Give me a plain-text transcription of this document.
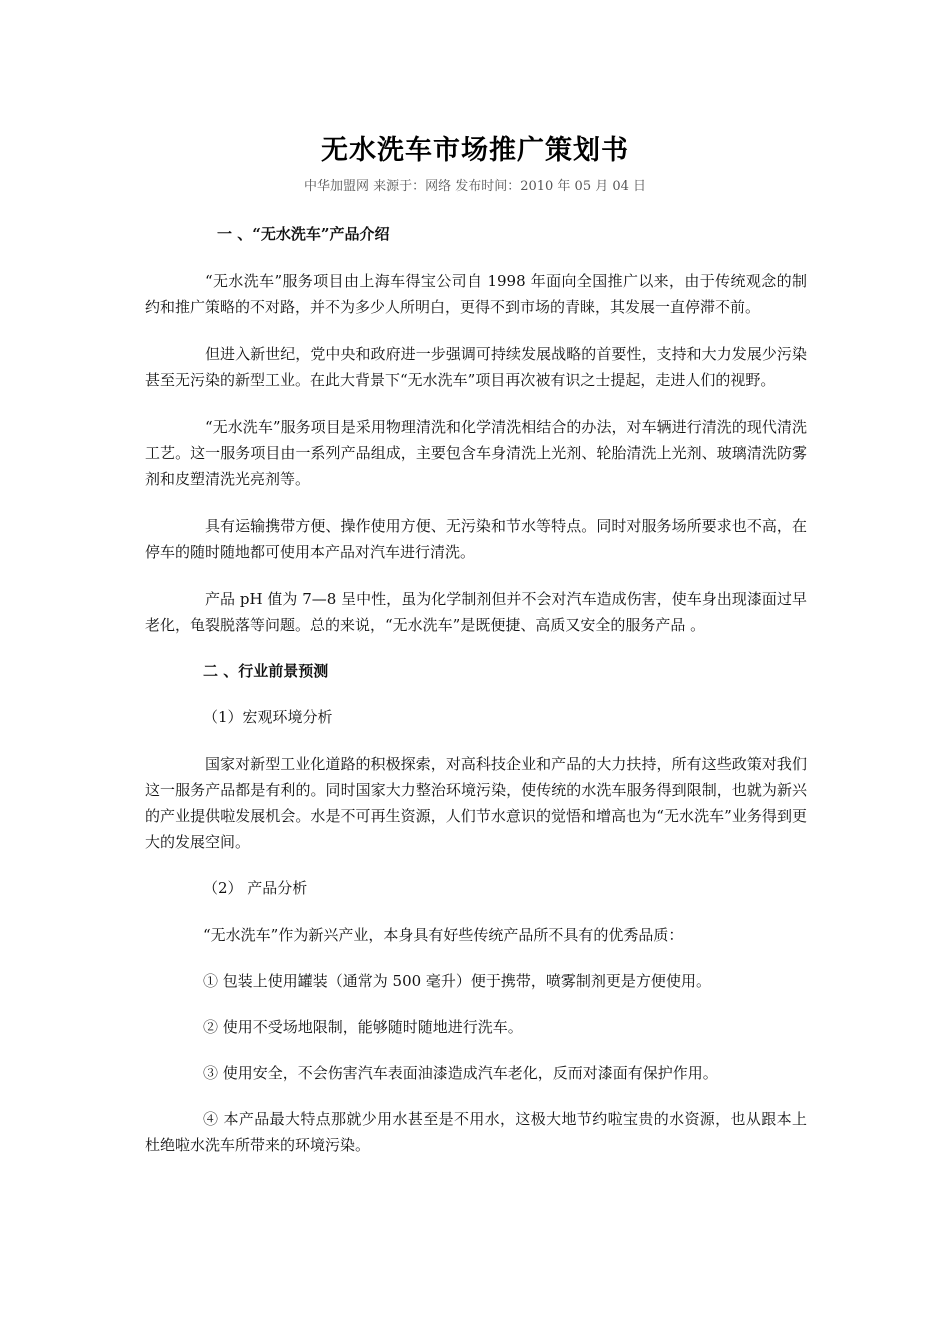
无水洗车市场推广策划书
中华加盟网 来源于：网络 发布时间：2010 年 05 月 04 日
一 、“无水洗车”产品介绍
“无水洗车”服务项目由上海车得宝公司自 1998 年面向全国推广以来，由于传统观念的制约和推广策略的不对路，并不为多少人所明白，更得不到市场的青睐，其发展一直停滞不前。
但进入新世纪，党中央和政府进一步强调可持续发展战略的首要性，支持和大力发展少污染甚至无污染的新型工业。在此大背景下“无水洗车”项目再次被有识之士提起，走进人们的视野。
“无水洗车”服务项目是采用物理清洗和化学清洗相结合的办法，对车辆进行清洗的现代清洗工艺。这一服务项目由一系列产品组成，主要包含车身清洗上光剂、轮胎清洗上光剂、玻璃清洗防雾剂和皮塑清洗光亮剂等。
具有运输携带方便、操作使用方便、无污染和节水等特点。同时对服务场所要求也不高，在停车的随时随地都可使用本产品对汽车进行清洗。
产品 pH 值为 7—8 呈中性，虽为化学制剂但并不会对汽车造成伤害，使车身出现漆面过早老化，龟裂脱落等问题。总的来说，“无水洗车”是既便捷、高质又安全的服务产品 。
二 、行业前景预测
（1）宏观环境分析
国家对新型工业化道路的积极探索，对高科技企业和产品的大力扶持，所有这些政策对我们这一服务产品都是有利的。同时国家大力整治环境污染，使传统的水洗车服务得到限制，也就为新兴的产业提供啦发展机会。水是不可再生资源，人们节水意识的觉悟和增高也为“无水洗车”业务得到更大的发展空间。
（2） 产品分析
“无水洗车”作为新兴产业，本身具有好些传统产品所不具有的优秀品质：
① 包装上使用罐装（通常为 500 毫升）便于携带，喷雾制剂更是方便使用。
② 使用不受场地限制，能够随时随地进行洗车。
③ 使用安全，不会伤害汽车表面油漆造成汽车老化，反而对漆面有保护作用。
④ 本产品最大特点那就少用水甚至是不用水，这极大地节约啦宝贵的水资源，也从跟本上杜绝啦水洗车所带来的环境污染。
